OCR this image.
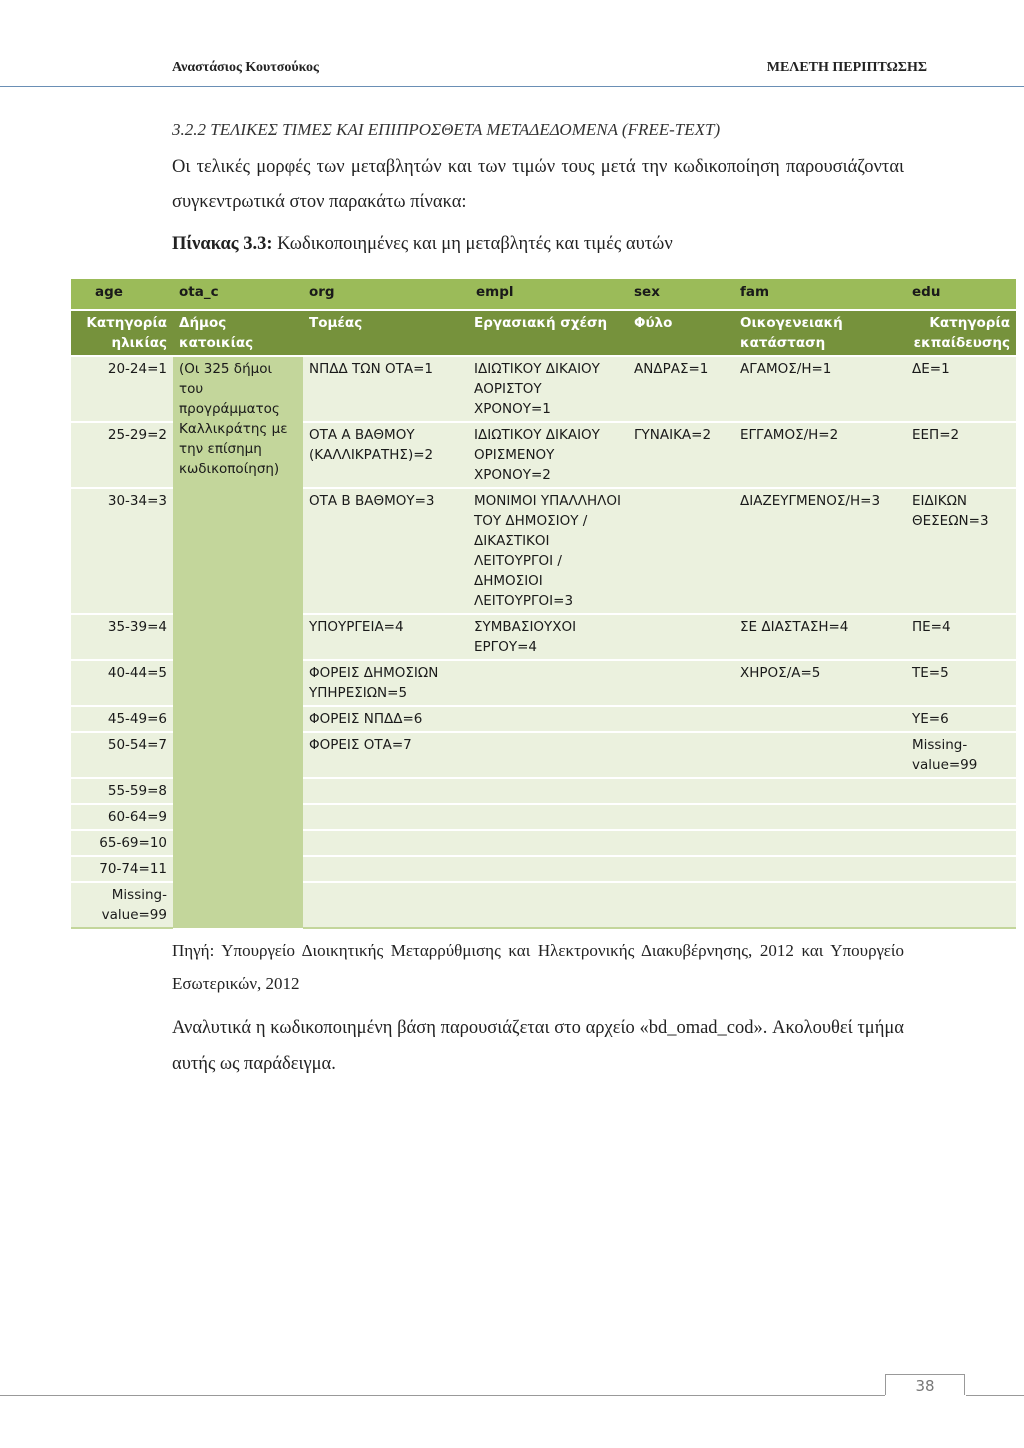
Αναστάσιος Κουτσούκος	ΜΕΛΕΤΗ ΠΕΡΙΠΤΩΣΗΣ
3.2.2 ΤΕΛΙΚΕΣ ΤΙΜΕΣ ΚΑΙ ΕΠΙΠΡΟΣΘΕΤΑ ΜΕΤΑΔΕΔΟΜΕΝΑ (FREE-TEXT)
Οι τελικές μορφές των μεταβλητών και των τιμών τους μετά την κωδικοποίηση παρουσιάζονται συγκεντρωτικά στον παρακάτω πίνακα:
Πίνακας 3.3: Κωδικοποιημένες και μη μεταβλητές και τιμές αυτών
age	ota_c	org	empl	sex	fam	edu
Κατηγορία ηλικίας	Δήμος κατοικίας	Τομέας	Εργασιακή σχέση	Φύλο	Οικογενειακή κατάσταση	Κατηγορία εκπαίδευσης
20-24=1	(Οι 325 δήμοι του προγράμματος Καλλικράτης με την επίσημη κωδικοποίηση)	ΝΠΔΔ ΤΩΝ ΟΤΑ=1	ΙΔΙΩΤΙΚΟΥ ΔΙΚΑΙΟΥ ΑΟΡΙΣΤΟΥ ΧΡΟΝΟΥ=1	ΑΝΔΡΑΣ=1	ΑΓΑΜΟΣ/Η=1	ΔΕ=1
25-29=2		ΟΤΑ Α ΒΑΘΜΟΥ (ΚΑΛΛΙΚΡΑΤΗΣ)=2	ΙΔΙΩΤΙΚΟΥ ΔΙΚΑΙΟΥ ΟΡΙΣΜΕΝΟΥ ΧΡΟΝΟΥ=2	ΓΥΝΑΙΚΑ=2	ΕΓΓΑΜΟΣ/Η=2	ΕΕΠ=2
30-34=3		ΟΤΑ Β ΒΑΘΜΟΥ=3	ΜΟΝΙΜΟΙ ΥΠΑΛΛΗΛΟΙ ΤΟΥ ΔΗΜΟΣΙΟΥ /ΔΙΚΑΣΤΙΚΟΙ ΛΕΙΤΟΥΡΓΟΙ /ΔΗΜΟΣΙΟΙ ΛΕΙΤΟΥΡΓΟΙ=3		ΔΙΑΖΕΥΓΜΕΝΟΣ/Η=3	ΕΙΔΙΚΩΝ ΘΕΣΕΩΝ=3
35-39=4		ΥΠΟΥΡΓΕΙΑ=4	ΣΥΜΒΑΣΙΟΥΧΟΙ ΕΡΓΟΥ=4		ΣΕ ΔΙΑΣΤΑΣΗ=4	ΠΕ=4
40-44=5		ΦΟΡΕΙΣ ΔΗΜΟΣΙΩΝ ΥΠΗΡΕΣΙΩΝ=5			ΧΗΡΟΣ/Α=5	ΤΕ=5
45-49=6		ΦΟΡΕΙΣ ΝΠΔΔ=6				ΥΕ=6
50-54=7		ΦΟΡΕΙΣ ΟΤΑ=7				Missing-value=99
55-59=8						
60-64=9						
65-69=10						
70-74=11						
Missing-value=99						
Πηγή: Υπουργείο Διοικητικής Μεταρρύθμισης και Ηλεκτρονικής Διακυβέρνησης, 2012 και Υπουργείο Εσωτερικών, 2012
Αναλυτικά η κωδικοποιημένη βάση παρουσιάζεται στο αρχείο «bd_omad_cod». Ακολουθεί τμήμα αυτής ως παράδειγμα.
38
